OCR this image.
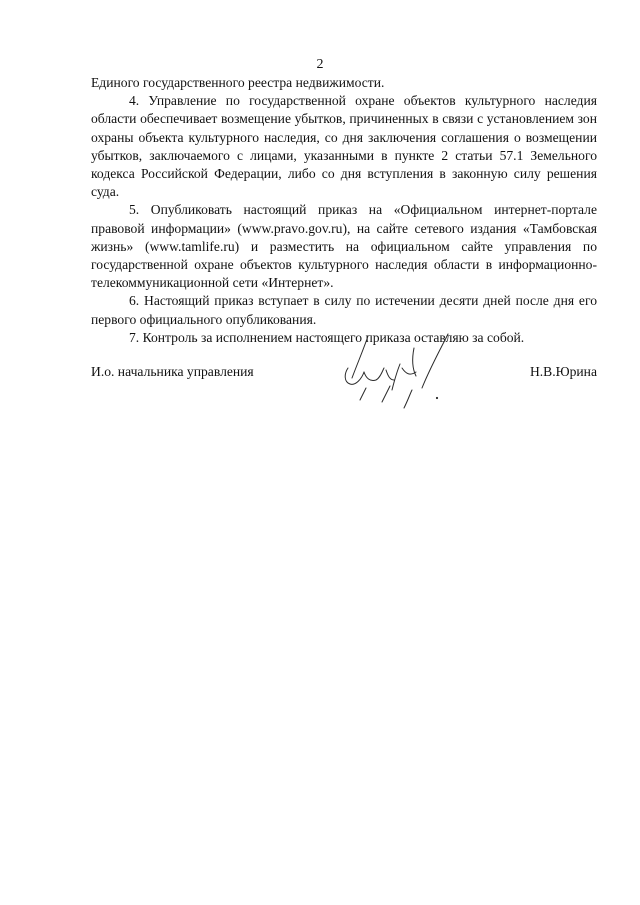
2

Единого государственного реестра недвижимости.

4. Управление по государственной охране объектов культурного наследия области обеспечивает возмещение убытков, причиненных в связи с установлением зон охраны объекта культурного наследия, со дня заключения соглашения о возмещении убытков, заключаемого с лицами, указанными в пункте 2 статьи 57.1 Земельного кодекса Российской Федерации, либо со дня вступления в законную силу решения суда.

5. Опубликовать настоящий приказ на «Официальном интернет-портале правовой информации» (www.pravo.gov.ru), на сайте сетевого издания «Тамбовская жизнь» (www.tamlife.ru) и разместить на официальном сайте управления по государственной охране объектов культурного наследия области в информационно-телекоммуникационной сети «Интернет».

6. Настоящий приказ вступает в силу по истечении десяти дней после дня его первого официального опубликования.

7. Контроль за исполнением настоящего приказа оставляю за собой.

И.о. начальника управления	Н.В.Юрина
